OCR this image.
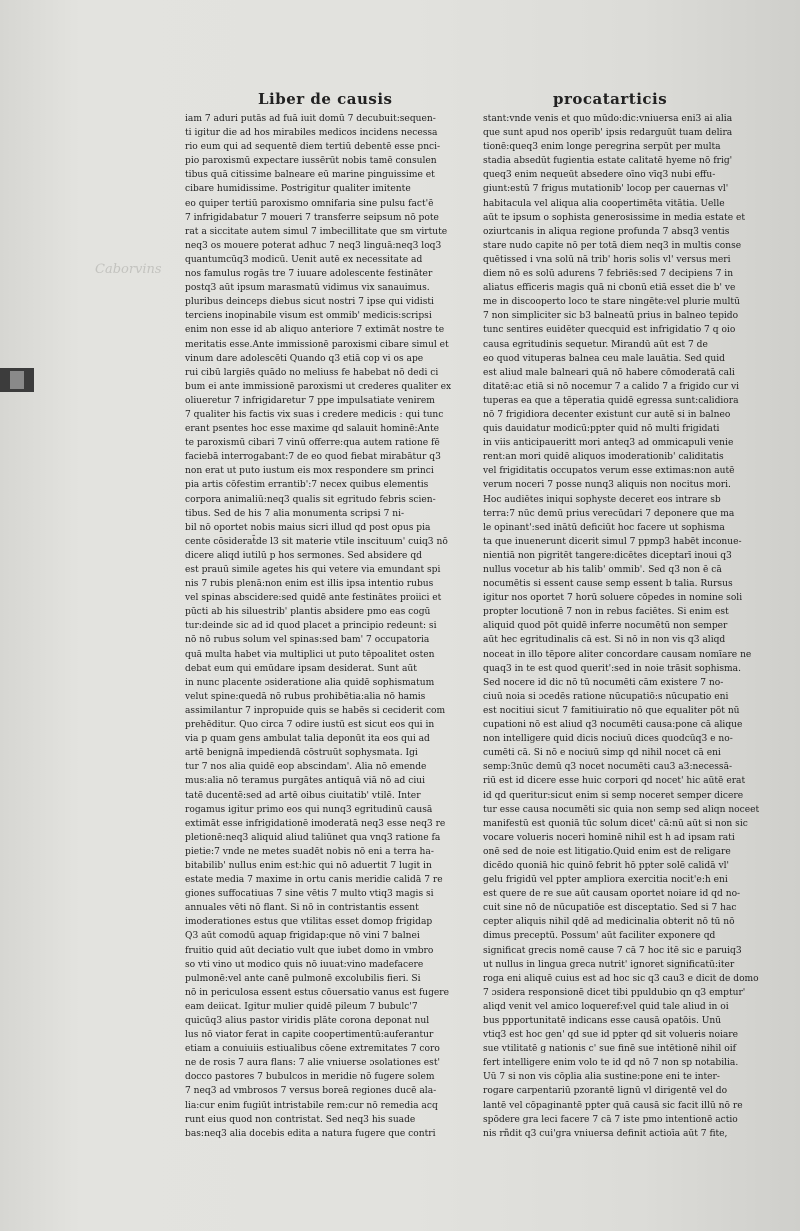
Caborvins
Liber de causis	procatarticis
iam 7 aduri putās ad fuā iuit domū 7 decubuit:sequen-
ti igitur die ad hos mirabiles medicos incidens necessa
rio eum qui ad sequentē diem tertiū debentē esse pnci-
pio paroxismū expectare iussērūt nobis tamē consulen
tibus quā citissime balneare eū marine pinguissime et
cibare humidissime. Postrigitur qualiter imitente
eo quiper tertiū paroxismo omnifaria sine pulsu fact'ē
7 infrigidabatur 7 moueri 7 transferre seipsum nō pote
rat a siccitate autem simul 7 imbecillitate que sm virtute
neq3 os mouere poterat adhuc 7 neq3 linguā:neq3 loq3
quantumcūq3 modicū. Uenit autē ex necessitate ad
nos famulus rogās tre 7 iuuare adolescente festināter
postq3 aūt ipsum marasmatū vidimus vix sanauimus.
pluribus deinceps diebus sicut nostri 7 ipse qui vidisti
terciens inopinabile visum est ommib' medicis:scripsi
enim non esse id ab aliquo anteriore 7 extimāt nostre te
meritatis esse.Ante immissionē paroxismi cibare simul et
vinum dare adolescēti Quando q3 etiā cop vi os ape
rui cibū largiēs quādo no meliuss fe habebat nō dedi ci
bum ei ante immissionē paroxismi ut crederes qualiter ex
oliueretur 7 infrigidaretur 7 ppe impulsatiate venirem
7 qualiter his factis vix suas i credere medicis : qui tunc
erant psentes hoc esse maxime qd salauit hominē:Ante
te paroxismū cibari 7 vinū offerre:qua autem ratione fē
faciebā interrogabant:7 de eo quod fiebat mirabātur q3
non erat ut puto iustum eis mox respondere sm princi
pia artis cōfestim errantib':7 necex quibus elementis
corpora animaliū:neq3 qualis sit egritudo febris scien-
tibus. Sed de his 7 alia monumenta scripsi 7 ni-
bil nō oportet nobis maius sicri illud qd post opus pia
cente cōsiderat̄de l3 sit materie vtile inscituum' cuiq3 nō
dicere aliqd iutilū p hos sermones. Sed absidere qd
est prauū simile agetes his qui vetere via emundant spi
nis 7 rubis plenā:non enim est illis ipsa intentio rubus
vel spinas abscidere:sed quidē ante festinātes proiici et
pūcti ab his siluestrib' plantis absidere pmo eas cogū
tur:deinde sic ad id quod placet a principio redeunt: si
nō nō rubus solum vel spinas:sed bam' 7 occupatoria
quā multa habet via multiplici ut puto tēpoalitet osten
debat eum qui emūdare ipsam desiderat. Sunt aūt
in nunc placente ɔsideratione alia quidē sophismatum
velut spine:quedā nō rubus prohibētia:alia nō hamis
assimilantur 7 inpropuide quis se habēs si ceciderit com
prehēditur. Quo circa 7 odire iustū est sicut eos qui in
via p quam gens ambulat talia deponūt ita eos qui ad
artē benignā impediendā cōstruūt sophysmata. Igi
tur 7 nos alia quidē eop abscindam'. Alia nō emende
mus:alia nō teramus purgātes antiquā viā nō ad ciui
tatē ducentē:sed ad artē oibus ciuitatib' vtilē. Inter
rogamus igitur primo eos qui nunq3 egritudinū causā
extimāt esse infrigidationē imoderatā neq3 esse neq3 re
pletionē:neq3 aliquid aliud taliūnet qua vnq3 ratione fa
pietie:7 vnde ne metes suadēt nobis nō eni a terra ha-
bitabilib' nullus enim est:hic qui nō aduertit 7 lugit in
estate media 7 maxime in ortu canis meridie calidā 7 re
giones suffocatiuas 7 sine vētis 7 multo vtiq3 magis si
annuales vēti nō flant. Si nō in contristantis essent
imoderationes estus que vtilitas esset domop frigidap
Q3 aūt comodū aquap frigidap:que nō vini 7 balnei
fruitio quid aūt deciatio vult que iubet domo in vmbro
so vti vino ut modico quis nō iuuat:vino madefacere
pulmonē:vel ante canē pulmonē excolubilis fieri. Si
nō in periculosa essent estus cōuersatio vanus est fugere
eam deiicat. Igitur mulier quidē pileum 7 bubulc'7
quicūq3 alius pastor viridis plāte corona deponat nul
lus nō viator ferat in capite coopertimentū:auferantur
etiam a conuiuiis estiualibus cōene extremitates 7 coro
ne de rosis 7 aura flans: 7 alie vniuerse ɔsolationes est'
docco pastores 7 bubulcos in meridie nō fugere solem
7 neq3 ad vmbrosos 7 versus boreā regiones ducē ala-
lia:cur enim fugiūt intristabile rem:cur nō remedia acq
runt eius quod non contristat. Sed neq3 his suade
bas:neq3 alia docebis edita a natura fugere que contri
stant:vnde venis et quo mūdo:dic:vniuersa eni3 ai alia
que sunt apud nos operib' ipsis redarguūt tuam delira
tionē:queq3 enim longe peregrina serpūt per multa
stadia absedūt fugientia estate calitatē hyeme nō frig'
queq3 enim nequeūt absedere oīno vīq3 nubi effu-
giunt:estū 7 frigus mutationib' locop per cauernas vl'
habitacula vel aliqua alia coopertimēta vitātia. Uelle
aūt te ipsum o sophista generosissime in media estate et
oziurtcanis in aliqua regione profunda 7 absq3 ventis
stare nudo capite nō per totā diem neq3 in multis conse
quētissed i vna solū nā trib' horis solis vl' versus meri
diem nō es solū adurens 7 febriēs:sed 7 decipiens 7 in
aliatus efficeris magis quā ni cbonū etiā esset die b' ve
me in discooperto loco te stare ningēte:vel plurie multū
7 non simpliciter sic b3 balneatū prius in balneo tepido
tunc sentires euidēter quecquid est infrigidatio 7 q oio
causa egritudinis sequetur. Mirandū aūt est 7 de
eo quod vituperas balnea ceu male lauātia. Sed quid
est aliud male balneari quā nō habere cōmoderatā cali
ditatē:ac etiā si nō nocemur 7 a calido 7 a frigido cur vi
tuperas ea que a tēperatia quidē egressa sunt:calidiora
nō 7 frigidiora decenter existunt cur autē si in balneo
quis dauidatur modicū:ppter quid nō multi frigidati
in viis anticipaueritt mori anteq3 ad ommicapuli venie
rent:an mori quidē aliquos imoderationib' caliditatis
vel frigiditatis occupatos verum esse extimas:non autē
verum noceri 7 posse nunq3 aliquis non nocitus mori.
Hoc audiētes iniqui sophyste deceret eos intrare sb
terra:7 nūc demū prius verecūdari 7 deponere que ma
le opinant':sed inātū deficiūt hoc facere ut sophisma
ta que inuenerunt dicerit simul 7 ppmp3 habēt inconue-
nientiā non pigritēt tangere:dicētes diceptarī inoui q3
nullus vocetur ab his talib' ommib'. Sed q3 non ē cā
nocumētis si essent cause semp essent b talia. Rursus
igitur nos oportet 7 horū soluere cōpedes in nomine soli
propter locutionē 7 non in rebus faciētes. Si enim est
aliquid quod pōt quidē inferre nocumētū non semper
aūt hec egritudinalis cā est. Si nō in non vis q3 aliqd
noceat in illo tēpore aliter concordare causam nomīare ne
quaq3 in te est quod querit':sed in noie trāsit sophisma.
Sed nocere id dic nō tū nocumēti cām existere 7 no-
ciuū noia si ɔcedēs ratione nūcupatiō:s nūcupatio eni
est nocitiui sicut 7 famitiuiratio nō que equaliter pōt nū
cupationi nō est aliud q3 nocumēti causa:pone cā alique
non intelligere quid dicis nociuū dices quodcūq3 e no-
cumēti cā. Si nō e nociuū simp qd nihil nocet cā eni
semp:3nūc demū q3 nocet nocumēti cau3 a3:necessā-
riū est id dicere esse huic corpori qd nocet' hic aūtē erat
id qd queritur:sicut enim si semp noceret semper dicere
tur esse causa nocumēti sic quia non semp sed aliqn noceet
manifestū est quoniā tūc solum dicet' cā:nū aūt si non sic
vocare volueris noceri hominē nihil est h ad ipsam rati
onē sed de noie est litigatio.Quid enim est de religare
dicēdo quoniā hic quinō febrit hō ppter solē calidā vl'
gelu frigidū vel ppter ampliora exercitia nocit'e:h eni
est quere de re sue aūt causam oportet noiare id qd no-
cuit sine nō de nūcupatiōe est disceptatio. Sed si 7 hac
cepter aliquis nihil qdē ad medicinalia obterit nō tū nō
dimus preceptū. Possum' aūt faciliter exponere qd
significat grecis nomē cause 7 cā 7 hoc itē sic e paruiq3
ut nullus in lingua greca nutrit' ignoret significatū:iter
roga eni aliquē cuius est ad hoc sic q3 cau3 e dicit de domo
7 ɔsidera responsionē dicet tibi ppuldubio qn q3 emptur'
aliqd venit vel amico loqueref:vel quid tale aliud in oi
bus ppportunitatē indicans esse causā opatōis. Unū
vtiq3 est hoc gen' qd sue id ppter qd sit volueris noiare
sue vtilitatē ɡ nationis c' sue finē sue intētionē nihil oif
fert intelligere enim volo te id qd nō 7 non sp notabilia.
Uū 7 si non vis cōplia alia sustine:pone eni te inter-
rogare carpentariū pzorantē lignū vl dirigentē vel do
lantē vel cōpaginantē ppter quā causā sic facit illū nō re
spōdere gra leci facere 7 cā 7 iste pmo intentionē actio
nis rñdit q3 cui'gra vniuersa definit actioīa aūt 7 fite,
